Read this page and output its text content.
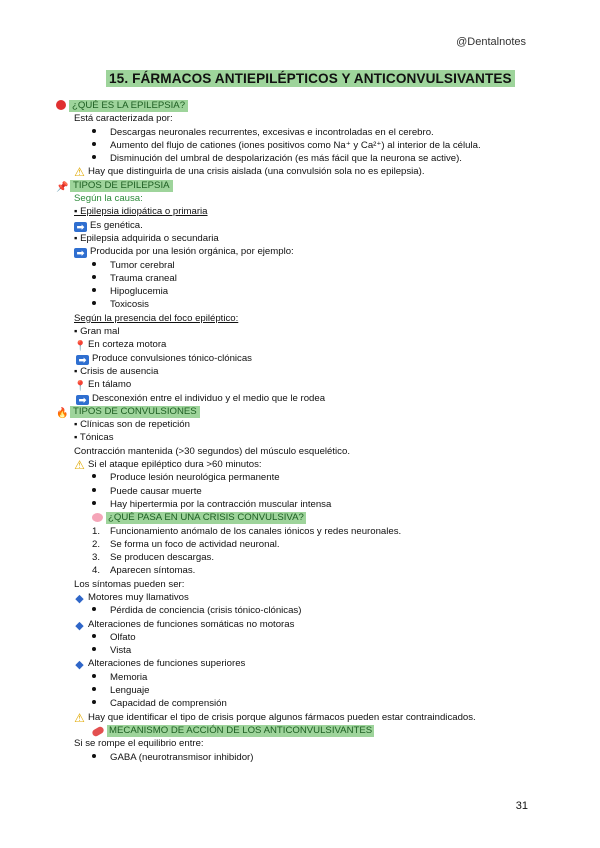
@Dentalnotes
15. FÁRMACOS ANTIEPILÉPTICOS Y ANTICONVULSIVANTES
¿QUÉ ES LA EPILEPSIA?
Está caracterizada por:
Descargas neuronales recurrentes, excesivas e incontroladas en el cerebro.
Aumento del flujo de cationes (iones positivos como Na⁺ y Ca²⁺) al interior de la célula.
Disminución del umbral de despolarización (es más fácil que la neurona se active).
⚠ Hay que distinguirla de una crisis aislada (una convulsión sola no es epilepsia).
📌 TIPOS DE EPILEPSIA
Según la causa:
▪ Epilepsia idiopática o primaria
➡ Es genética.
▪ Epilepsia adquirida o secundaria
➡ Producida por una lesión orgánica, por ejemplo:
Tumor cerebral
Trauma craneal
Hipoglucemia
Toxicosis
Según la presencia del foco epiléptico:
▪ Gran mal
📍 En corteza motora
➡ Produce convulsiones tónico-clónicas
▪ Crisis de ausencia
📍 En tálamo
➡ Desconexión entre el individuo y el medio que le rodea
🔥 TIPOS DE CONVULSIONES
▪ Clínicas son de repetición
▪ Tónicas
Contracción mantenida (>30 segundos) del músculo esquelético.
⚠ Si el ataque epiléptico dura >60 minutos:
Produce lesión neurológica permanente
Puede causar muerte
Hay hipertermia por la contracción muscular intensa
¿QUÉ PASA EN UNA CRISIS CONVULSIVA?
1. Funcionamiento anómalo de los canales iónicos y redes neuronales.
2. Se forma un foco de actividad neuronal.
3. Se producen descargas.
4. Aparecen síntomas.
Los síntomas pueden ser:
◆ Motores muy llamativos
Pérdida de conciencia (crisis tónico-clónicas)
◆ Alteraciones de funciones somáticas no motoras
Olfato
Vista
◆ Alteraciones de funciones superiores
Memoria
Lenguaje
Capacidad de comprensión
⚠ Hay que identificar el tipo de crisis porque algunos fármacos pueden estar contraindicados.
MECANISMO DE ACCIÓN DE LOS ANTICONVULSIVANTES
Si se rompe el equilibrio entre:
GABA (neurotransmisor inhibidor)
31
